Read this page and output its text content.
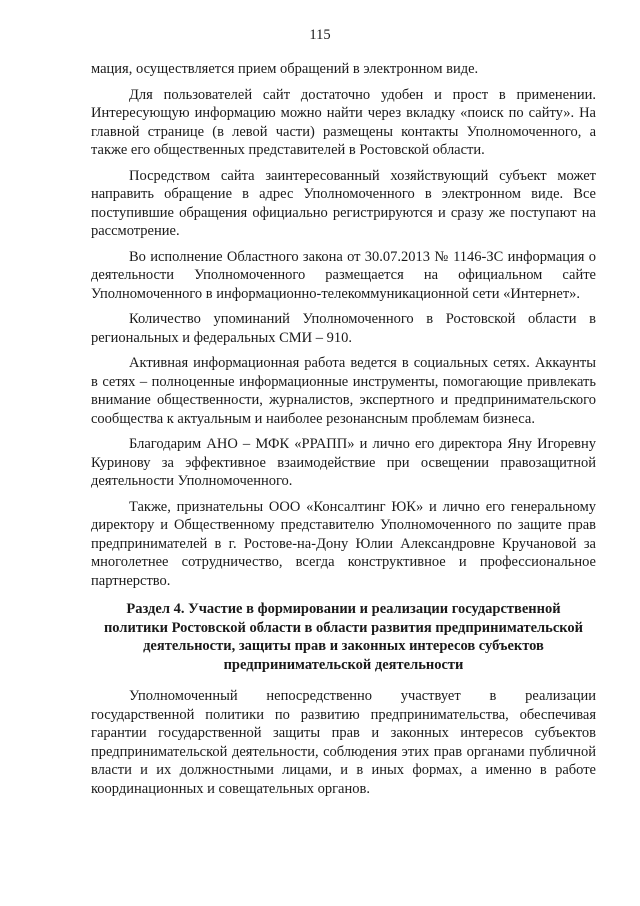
115

мация, осуществляется прием обращений в электронном виде.

Для пользователей сайт достаточно удобен и прост в применении. Интересующую информацию можно найти через вкладку «поиск по сайту». На главной странице (в левой части) размещены контакты Уполномоченного, а также его общественных представителей в Ростовской области.

Посредством сайта заинтересованный хозяйствующий субъект может направить обращение в адрес Уполномоченного в электронном виде. Все поступившие обращения официально регистрируются и сразу же поступают на рассмотрение.

Во исполнение Областного закона от 30.07.2013 № 1146-ЗС информация о деятельности Уполномоченного размещается на официальном сайте Уполномоченного в информационно-телекоммуникационной сети «Интернет».

Количество упоминаний Уполномоченного в Ростовской области в региональных и федеральных СМИ – 910.

Активная информационная работа ведется в социальных сетях. Аккаунты в сетях – полноценные информационные инструменты, помогающие привлекать внимание общественности, журналистов, экспертного и предпринимательского сообщества к актуальным и наиболее резонансным проблемам бизнеса.

Благодарим АНО – МФК «РРАПП» и лично его директора Яну Игоревну Куринову за эффективное взаимодействие при освещении правозащитной деятельности Уполномоченного.

Также, признательны ООО «Консалтинг ЮК» и лично его генеральному директору и Общественному представителю Уполномоченного по защите прав предпринимателей в г. Ростове-на-Дону Юлии Александровне Кручановой за многолетнее сотрудничество, всегда конструктивное и профессиональное партнерство.

Раздел 4. Участие в формировании и реализации государственной политики Ростовской области в области развития предпринимательской деятельности, защиты прав и законных интересов субъектов предпринимательской деятельности

Уполномоченный непосредственно участвует в реализации государственной политики по развитию предпринимательства, обеспечивая гарантии государственной защиты прав и законных интересов субъектов предпринимательской деятельности, соблюдения этих прав органами публичной власти и их должностными лицами, и в иных формах, а именно в работе координационных и совещательных органов.
